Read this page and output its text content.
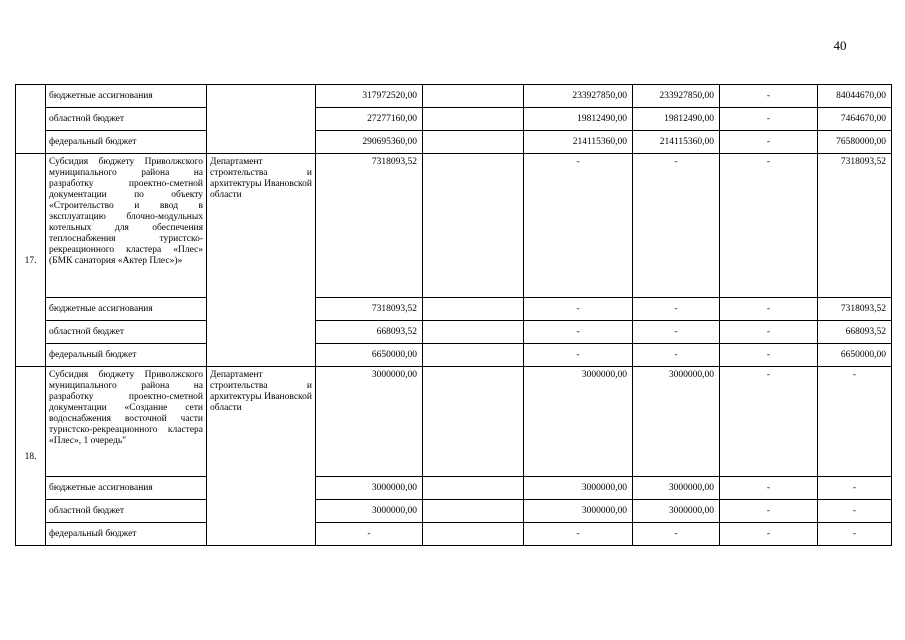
40
	бюджетные ассигнования		317972520,00		233927850,00	233927850,00	-	84044670,00
	областной бюджет		27277160,00		19812490,00	19812490,00	-	7464670,00
	федеральный бюджет		290695360,00		214115360,00	214115360,00	-	76580000,00
17.	Субсидия бюджету Приволжского муниципального района на разработку проектно-сметной документации по объекту «Строительство и ввод в эксплуатацию блочно-модульных котельных для обеспечения теплоснабжения туристско-рекреационного кластера «Плес» (БМК санатория «Актер Плес»)»	Департамент строительства и архитектуры Ивановской области	7318093,52		-	-	-	7318093,52
	бюджетные ассигнования		7318093,52		-	-	-	7318093,52
	областной бюджет		668093,52		-	-	-	668093,52
	федеральный бюджет		6650000,00		-	-	-	6650000,00
18.	Субсидия бюджету Приволжского муниципального района на разработку проектно-сметной документации «Создание сети водоснабжения восточной части туристско-рекреационного кластера «Плес», 1 очередь"	Департамент строительства и архитектуры Ивановской области	3000000,00		3000000,00	3000000,00	-	-
	бюджетные ассигнования		3000000,00		3000000,00	3000000,00	-	-
	областной бюджет		3000000,00		3000000,00	3000000,00	-	-
	федеральный бюджет		-		-	-	-	-
